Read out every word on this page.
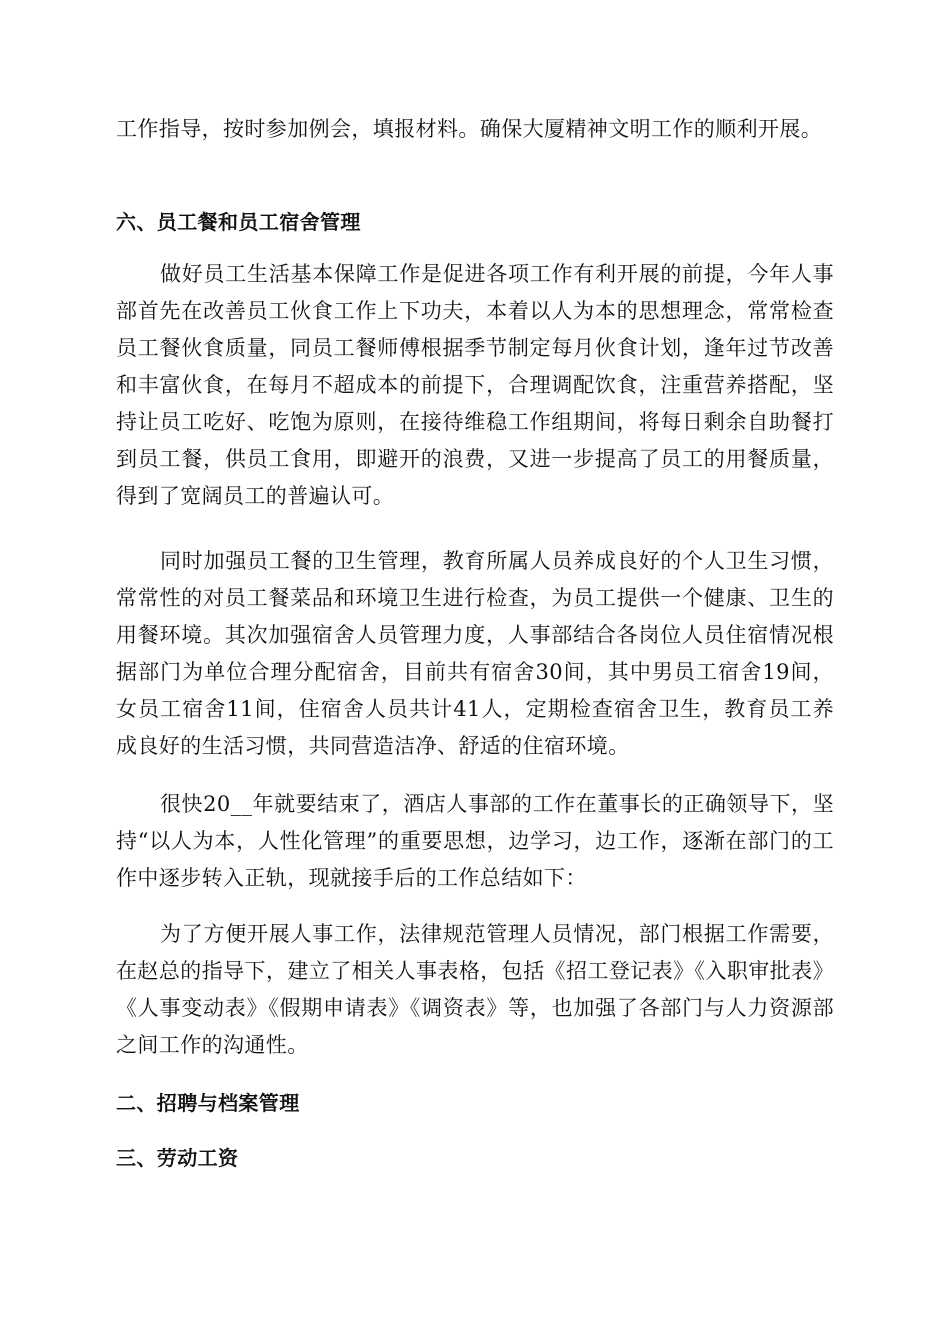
工作指导，按时参加例会，填报材料。确保大厦精神文明工作的顺利开展。

六、员工餐和员工宿舍管理

做好员工生活基本保障工作是促进各项工作有利开展的前提，今年人事部首先在改善员工伙食工作上下功夫，本着以人为本的思想理念，常常检查员工餐伙食质量，同员工餐师傅根据季节制定每月伙食计划，逢年过节改善和丰富伙食，在每月不超成本的前提下，合理调配饮食，注重营养搭配，坚持让员工吃好、吃饱为原则，在接待维稳工作组期间，将每日剩余自助餐打到员工餐，供员工食用，即避开的浪费，又进一步提高了员工的用餐质量，得到了宽阔员工的普遍认可。

同时加强员工餐的卫生管理，教育所属人员养成良好的个人卫生习惯，常常性的对员工餐菜品和环境卫生进行检查，为员工提供一个健康、卫生的用餐环境。其次加强宿舍人员管理力度，人事部结合各岗位人员住宿情况根据部门为单位合理分配宿舍，目前共有宿舍30间，其中男员工宿舍19间，女员工宿舍11间，住宿舍人员共计41人，定期检查宿舍卫生，教育员工养成良好的生活习惯，共同营造洁净、舒适的住宿环境。

很快20__年就要结束了，酒店人事部的工作在董事长的正确领导下，坚持“以人为本，人性化管理”的重要思想，边学习，边工作，逐渐在部门的工作中逐步转入正轨，现就接手后的工作总结如下：

为了方便开展人事工作，法律规范管理人员情况，部门根据工作需要，在赵总的指导下，建立了相关人事表格，包括《招工登记表》《入职审批表》《人事变动表》《假期申请表》《调资表》等，也加强了各部门与人力资源部之间工作的沟通性。

二、招聘与档案管理

三、劳动工资
